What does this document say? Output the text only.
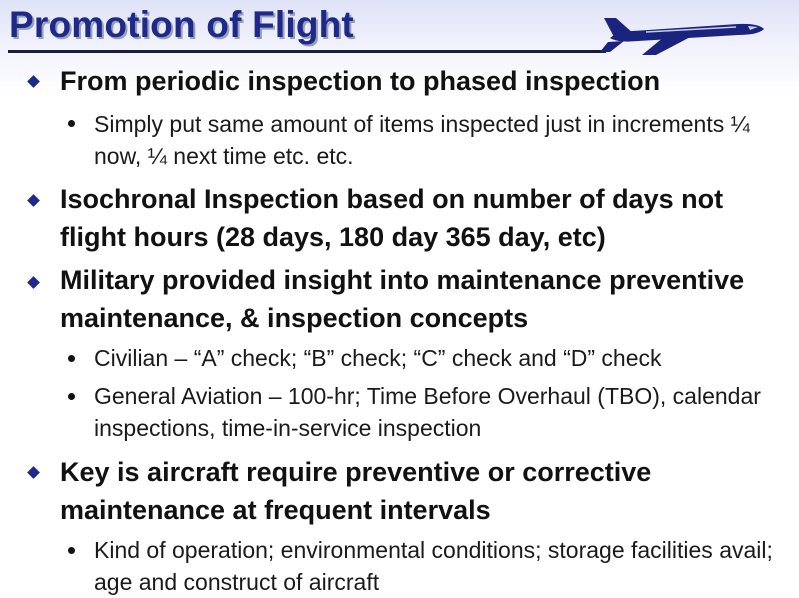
Promotion of Flight

From periodic inspection to phased inspection

Simply put same amount of items inspected just in increments ¼ now, ¼ next time etc. etc.

Isochronal Inspection based on number of days not flight hours (28 days, 180 day 365 day, etc)

Military provided insight into maintenance preventive maintenance, & inspection concepts

Civilian – “A” check; “B” check; “C” check and “D” check

General Aviation – 100-hr; Time Before Overhaul (TBO), calendar inspections, time-in-service inspection

Key is aircraft require preventive or corrective maintenance at frequent intervals

Kind of operation; environmental conditions; storage facilities avail; age and construct of aircraft
